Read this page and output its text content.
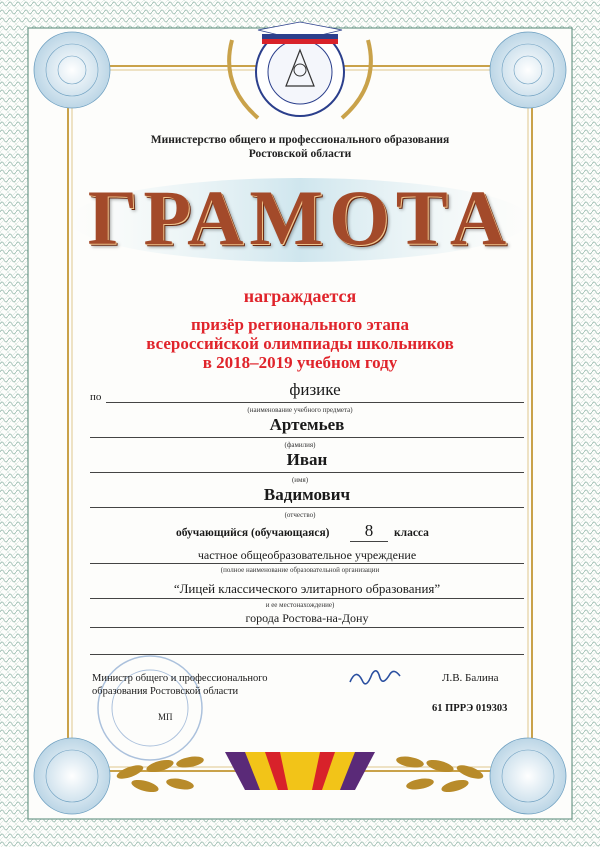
Министерство общего и профессионального образования
Ростовской области
ГРАМОТА
награждается
призёр регионального этапа
всероссийской олимпиады школьников
в 2018–2019 учебном году
по	физике
(наименование учебного предмета)
Артемьев
(фамилия)
Иван
(имя)
Вадимович
(отчество)
обучающийся (обучающаяся)	8	класса
частное общеобразовательное учреждение
(полное наименование образовательной организации
“Лицей классического элитарного образования”
и ее местонахождение)
города Ростова-на-Дону
Министр общего и профессионального
образования Ростовской области
Л.В. Балина
МП
61 ПРРЭ 019303
